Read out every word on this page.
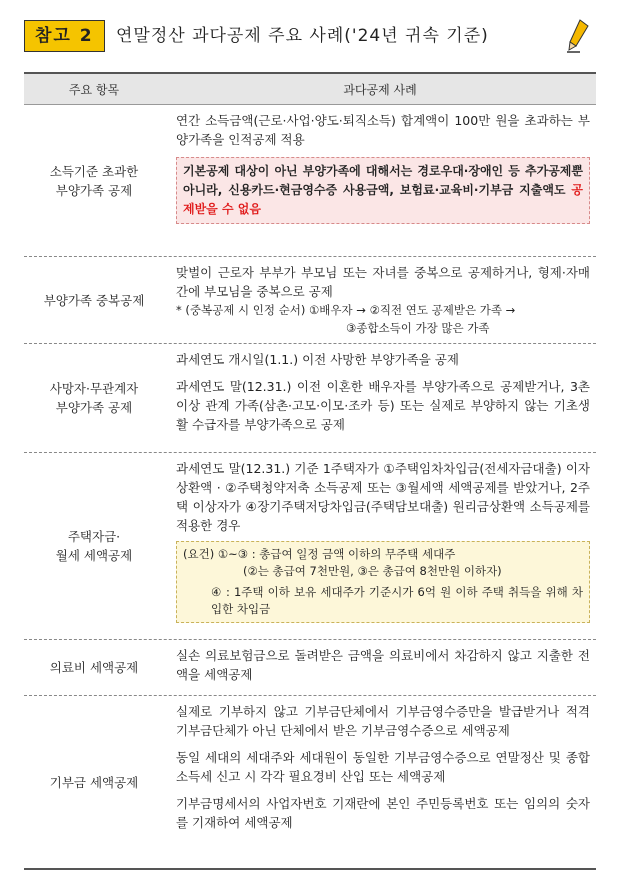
참고 2	연말정산 과다공제 주요 사례('24년 귀속 기준)
주요 항목	과다공제 사례
소득기준 초과한
부양가족 공제

연간 소득금액(근로·사업·양도·퇴직소득) 합계액이 100만 원을 초과하는 부양가족을 인적공제 적용

기본공제 대상이 아닌 부양가족에 대해서는 경로우대·장애인 등 추가공제뿐 아니라, 신용카드·현금영수증 사용금액, 보험료·교육비·기부금 지출액도 공제받을 수 없음
부양가족 중복공제

맞벌이 근로자 부부가 부모님 또는 자녀를 중복으로 공제하거나, 형제·자매간에 부모님을 중복으로 공제

* (중복공제 시 인정 순서) ①배우자 → ②직전 연도 공제받은 가족 →
③종합소득이 가장 많은 가족
사망자·무관계자
부양가족 공제

과세연도 개시일(1.1.) 이전 사망한 부양가족을 공제

과세연도 말(12.31.) 이전 이혼한 배우자를 부양가족으로 공제받거나, 3촌 이상 관계 가족(삼촌·고모·이모·조카 등) 또는 실제로 부양하지 않는 기초생활 수급자를 부양가족으로 공제

주택자금·
월세 세액공제

과세연도 말(12.31.) 기준 1주택자가 ①주택임차차입금(전세자금대출) 이자상환액 · ②주택청약저축 소득공제 또는 ③월세액 세액공제를 받았거나, 2주택 이상자가 ④장기주택저당차입금(주택담보대출) 원리금상환액 소득공제를 적용한 경우

(요건) ①~③ : 총급여 일정 금액 이하의 무주택 세대주
(②는 총급여 7천만원, ③은 총급여 8천만원 이하자)
④ : 1주택 이하 보유 세대주가 기준시가 6억 원 이하 주택 취득을 위해 차입한 차입금
의료비 세액공제

실손 의료보험금으로 돌려받은 금액을 의료비에서 차감하지 않고 지출한 전액을 세액공제

기부금 세액공제

실제로 기부하지 않고 기부금단체에서 기부금영수증만을 발급받거나 적격 기부금단체가 아닌 단체에서 받은 기부금영수증으로 세액공제

동일 세대의 세대주와 세대원이 동일한 기부금영수증으로 연말정산 및 종합소득세 신고 시 각각 필요경비 산입 또는 세액공제

기부금명세서의 사업자번호 기재란에 본인 주민등록번호 또는 임의의 숫자를 기재하여 세액공제
